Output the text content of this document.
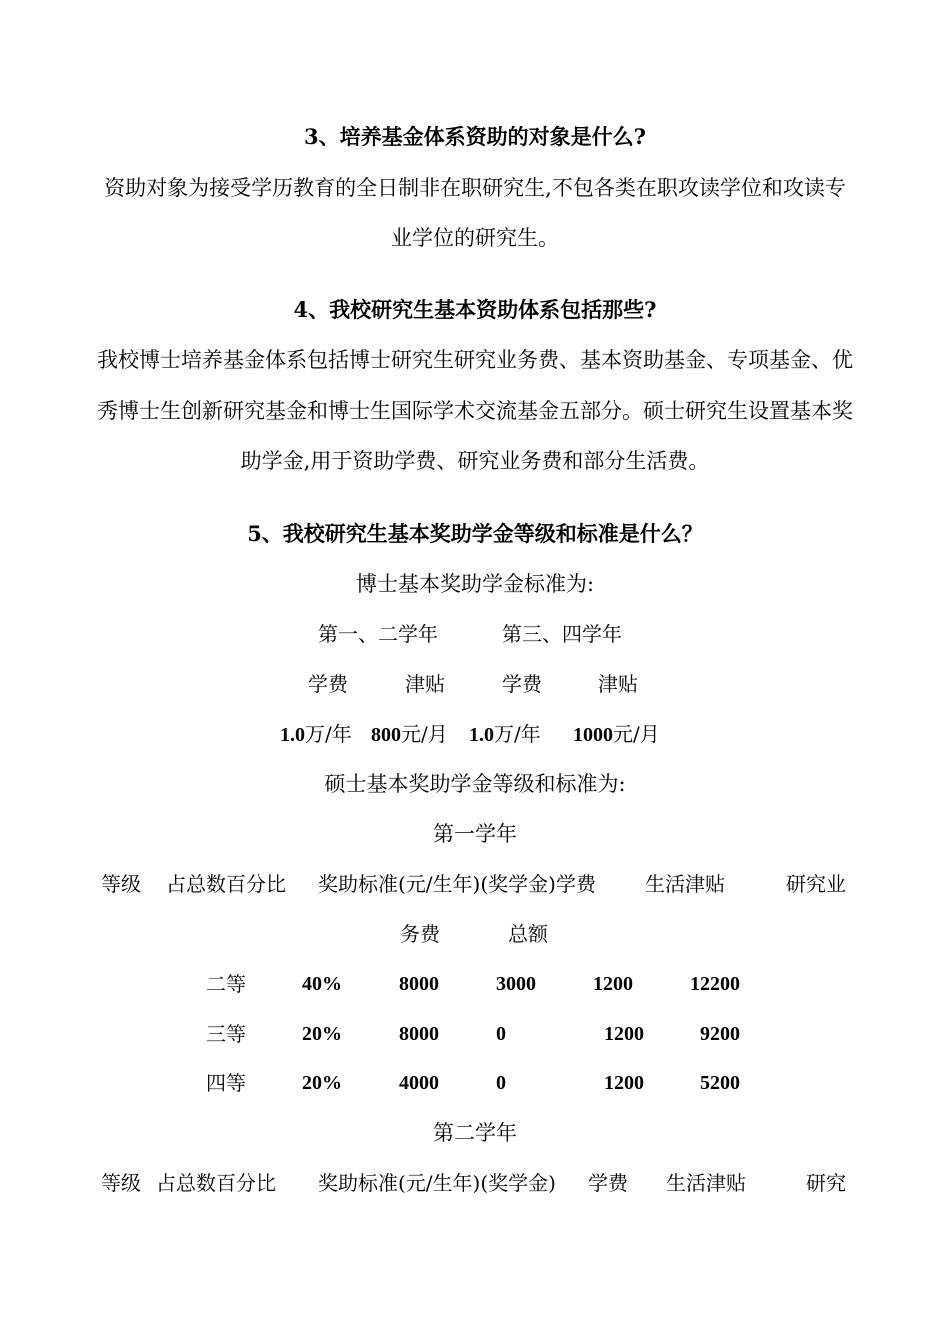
3、培养基金体系资助的对象是什么?
资助对象为接受学历教育的全日制非在职研究生,不包各类在职攻读学位和攻读专
业学位的研究生。
4、我校研究生基本资助体系包括那些?
我校博士培养基金体系包括博士研究生研究业务费、基本资助基金、专项基金、优
秀博士生创新研究基金和博士生国际学术交流基金五部分。硕士研究生设置基本奖
助学金,用于资助学费、研究业务费和部分生活费。
5、我校研究生基本奖助学金等级和标准是什么？
博士基本奖助学金标准为:
第一、二学年	第三、四学年
学费	津贴	学费	津贴
1.0万/年 800元/月 1.0万/年 1000元/月
硕士基本奖助学金等级和标准为:
第一学年
等级 占总数百分比 奖助标准(元/生年)(奖学金)学费 生活津贴	研究业
务费	总额
二等	40%	8000	3000	1200	12200
三等	20%	8000	0	1200	9200
四等	20%	4000	0	1200	5200
第二学年
等级 占总数百分比 奖助标准(元/生年)(奖学金) 学费 生活津贴	研究
